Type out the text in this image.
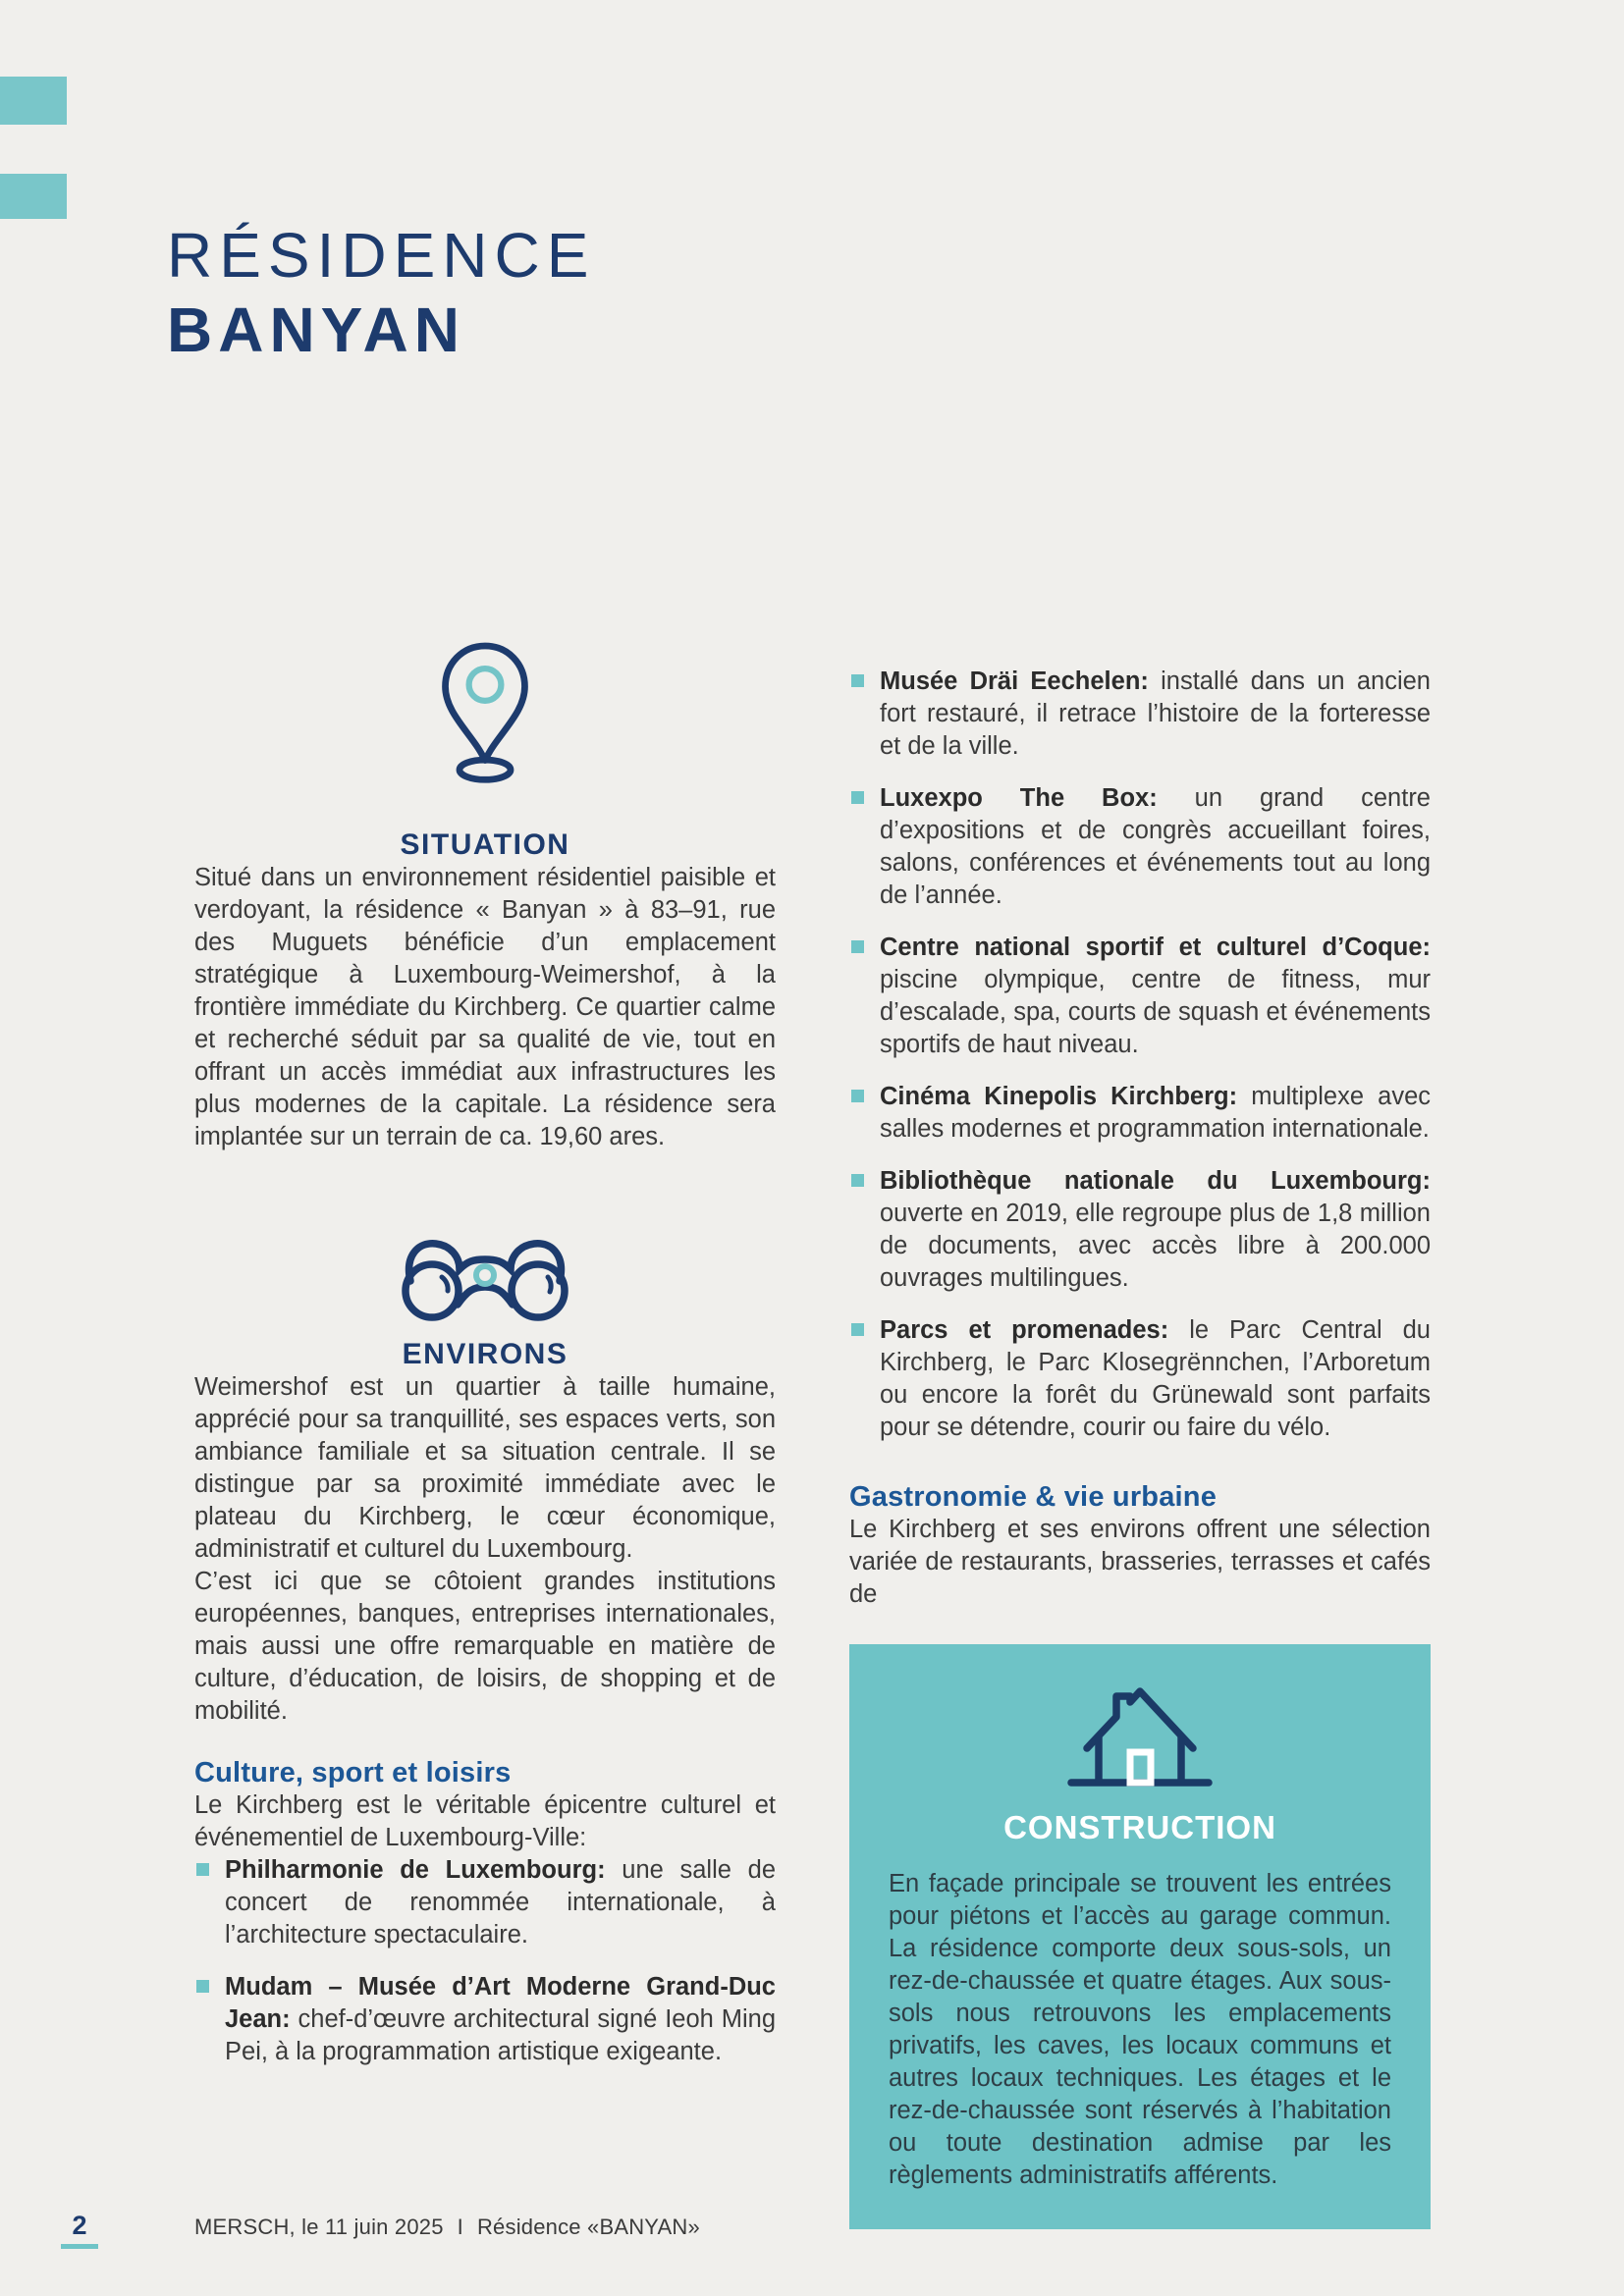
RÉSIDENCE
BANYAN
SITUATION

Situé dans un environnement résidentiel paisible et verdoyant, la résidence « Banyan » à 83–91, rue des Muguets bénéficie d’un emplacement stratégique à Luxembourg-Weimershof, à la frontière immédiate du Kirchberg. Ce quartier calme et recherché séduit par sa qualité de vie, tout en offrant un accès immédiat aux infrastructures les plus modernes de la capitale. La résidence sera implantée sur un terrain de ca. 19,60 ares.

ENVIRONS

Weimershof est un quartier à taille humaine, apprécié pour sa tranquillité, ses espaces verts, son ambiance familiale et sa situation centrale. Il se distingue par sa proximité immédiate avec le plateau du Kirchberg, le cœur économique, administratif et culturel du Luxembourg.

C’est ici que se côtoient grandes institutions européennes, banques, entreprises internationales, mais aussi une offre remarquable en matière de culture, d’éducation, de loisirs, de shopping et de mobilité.

Culture, sport et loisirs

Le Kirchberg est le véritable épicentre culturel et événementiel de Luxembourg-Ville:

Philharmonie de Luxembourg: une salle de concert de renommée internationale, à l’architecture spectaculaire.
Mudam – Musée d’Art Moderne Grand-Duc Jean: chef-d’œuvre architectural signé Ieoh Ming Pei, à la programmation artistique exigeante.
Musée Dräi Eechelen: installé dans un ancien fort restauré, il retrace l’histoire de la forteresse et de la ville.
Luxexpo The Box: un grand centre d’expositions et de congrès accueillant foires, salons, conférences et événements tout au long de l’année.
Centre national sportif et culturel d’Coque: piscine olympique, centre de fitness, mur d’escalade, spa, courts de squash et événements sportifs de haut niveau.
Cinéma Kinepolis Kirchberg: multiplexe avec salles modernes et programmation internationale.
Bibliothèque nationale du Luxembourg: ouverte en 2019, elle regroupe plus de 1,8 million de documents, avec accès libre à 200.000 ouvrages multilingues.
Parcs et promenades: le Parc Central du Kirchberg, le Parc Klosegrënnchen, l’Arboretum ou encore la forêt du Grünewald sont parfaits pour se détendre, courir ou faire du vélo.
Gastronomie & vie urbaine

Le Kirchberg et ses environs offrent une sélection variée de restaurants, brasseries, terrasses et cafés de

CONSTRUCTION

En façade principale se trouvent les entrées pour piétons et l’accès au garage commun. La résidence comporte deux sous-sols, un rez-de-chaussée et quatre étages. Aux sous-sols nous retrouvons les emplacements privatifs, les caves, les locaux communs et autres locaux techniques. Les étages et le rez-de-chaussée sont réservés à l’habitation ou toute destination admise par les règlements administratifs afférents.

2	MERSCH, le 11 juin 2025 I Résidence «BANYAN»
